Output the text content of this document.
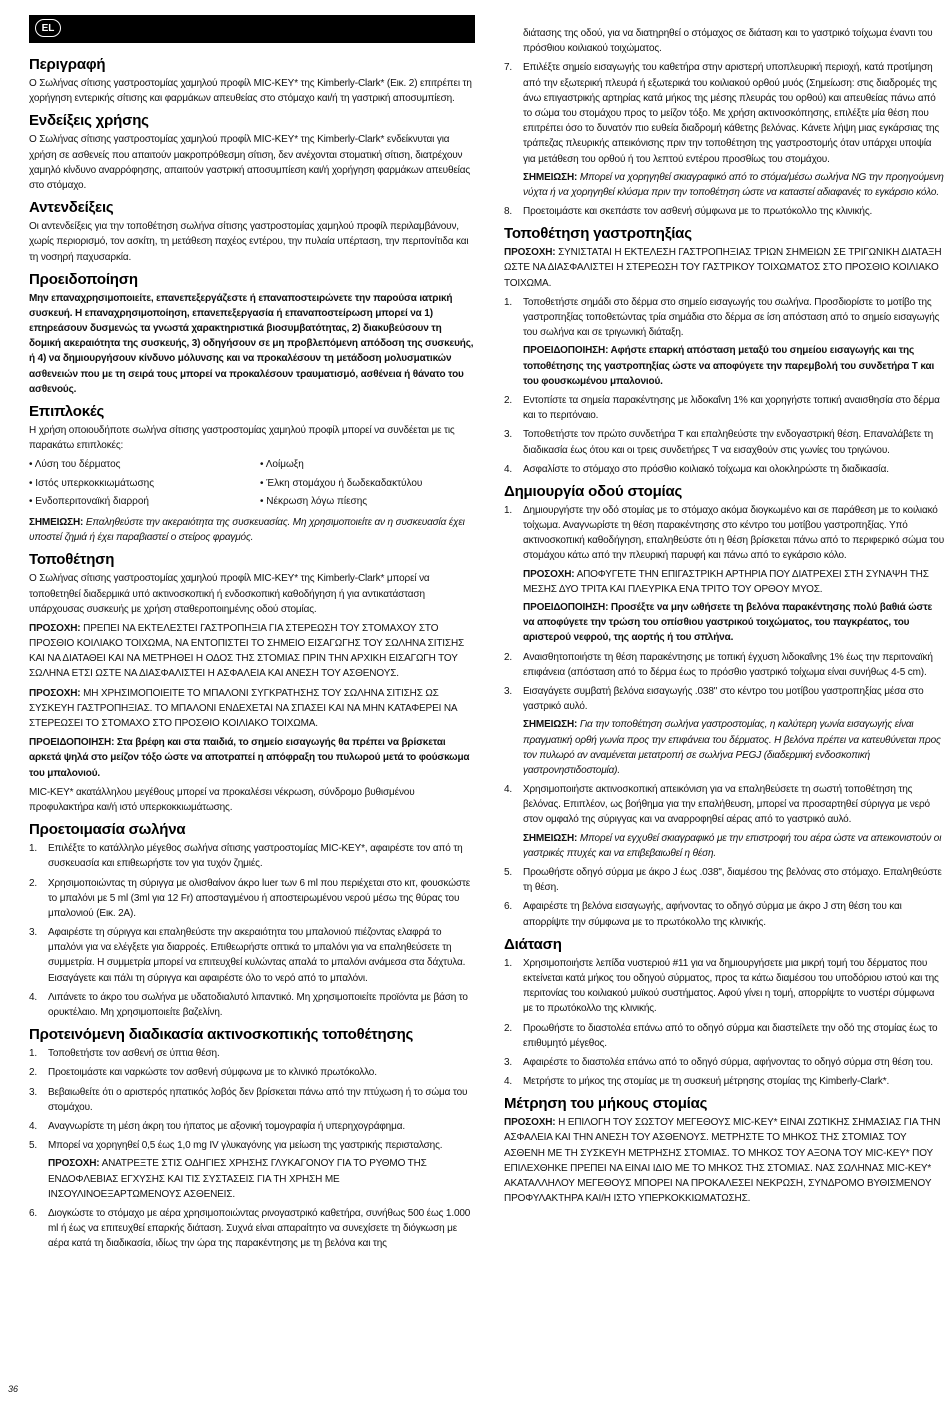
EL
Περιγραφή

Ο Σωλήνας σίτισης γαστροστομίας χαμηλού προφίλ MIC-KEY* της Kimberly-Clark* (Εικ. 2) επιτρέπει τη χορήγηση εντερικής σίτισης και φαρμάκων απευθείας στο στόμαχο και/ή τη γαστρική αποσυμπίεση.

Ενδείξεις χρήσης

Ο Σωλήνας σίτισης γαστροστομίας χαμηλού προφίλ MIC-KEY* της Kimberly-Clark* ενδείκνυται για χρήση σε ασθενείς που απαιτούν μακροπρόθεσμη σίτιση, δεν ανέχονται στοματική σίτιση, διατρέχουν χαμηλό κίνδυνο αναρρόφησης, απαιτούν γαστρική αποσυμπίεση και/ή χορήγηση φαρμάκων απευθείας στο στόμαχο.

Αντενδείξεις

Οι αντενδείξεις για την τοποθέτηση σωλήνα σίτισης γαστροστομίας χαμηλού προφίλ περιλαμβάνουν, χωρίς περιορισμό, τον ασκίτη, τη μετάθεση παχέος εντέρου, την πυλαία υπέρταση, την περιτονίτιδα και τη νοσηρή παχυσαρκία.

Προειδοποίηση

Μην επαναχρησιμοποιείτε, επανεπεξεργάζεστε ή επαναποστειρώνετε την παρούσα ιατρική συσκευή. Η επαναχρησιμοποίηση, επανεπεξεργασία ή επαναποστείρωση μπορεί να 1) επηρεάσουν δυσμενώς τα γνωστά χαρακτηριστικά βιοσυμβατότητας, 2) διακυβεύσουν τη δομική ακεραιότητα της συσκευής, 3) οδηγήσουν σε μη προβλεπόμενη απόδοση της συσκευής, ή 4) να δημιουργήσουν κίνδυνο μόλυνσης και να προκαλέσουν τη μετάδοση μολυσματικών ασθενειών που με τη σειρά τους μπορεί να προκαλέσουν τραυματισμό, ασθένεια ή θάνατο του ασθενούς.

Επιπλοκές

Η χρήση οποιουδήποτε σωλήνα σίτισης γαστροστομίας χαμηλού προφίλ μπορεί να συνδέεται με τις παρακάτω επιπλοκές:

• Λύση του δέρματος	• Λοίμωξη
• Ιστός υπερκοκκιωμάτωσης	• Έλκη στομάχου ή δωδεκαδακτύλου
• Ενδοπεριτοναϊκή διαρροή	• Νέκρωση λόγω πίεσης

ΣΗΜΕΙΩΣΗ: Επαληθεύστε την ακεραιότητα της συσκευασίας. Μη χρησιμοποιείτε αν η συσκευασία έχει υποστεί ζημιά ή έχει παραβιαστεί ο στείρος φραγμός.

Τοποθέτηση

Ο Σωλήνας σίτισης γαστροστομίας χαμηλού προφίλ MIC-KEY* της Kimberly-Clark* μπορεί να τοποθετηθεί διαδερμικά υπό ακτινοσκοπική ή ενδοσκοπική καθοδήγηση ή για αντικατάσταση υπάρχουσας συσκευής με χρήση σταθεροποιημένης οδού στομίας.

ΠΡΟΣΟΧΗ: ΠΡΕΠΕΙ ΝΑ ΕΚΤΕΛΕΣΤΕΙ ΓΑΣΤΡΟΠΗΞΙΑ ΓΙΑ ΣΤΕΡΕΩΣΗ ΤΟΥ ΣΤΟΜΑΧΟΥ ΣΤΟ ΠΡΟΣΘΙΟ ΚΟΙΛΙΑΚΟ ΤΟΙΧΩΜΑ, ΝΑ ΕΝΤΟΠΙΣΤΕΙ ΤΟ ΣΗΜΕΙΟ ΕΙΣΑΓΩΓΗΣ ΤΟΥ ΣΩΛΗΝΑ ΣΙΤΙΣΗΣ ΚΑΙ ΝΑ ΔΙΑΤΑΘΕΙ ΚΑΙ ΝΑ ΜΕΤΡΗΘΕΙ Η ΟΔΟΣ ΤΗΣ ΣΤΟΜΙΑΣ ΠΡΙΝ ΤΗΝ ΑΡΧΙΚΗ ΕΙΣΑΓΩΓΗ ΤΟΥ ΣΩΛΗΝΑ ΕΤΣΙ ΩΣΤΕ ΝΑ ΔΙΑΣΦΑΛΙΣΤΕΙ Η ΑΣΦΑΛΕΙΑ ΚΑΙ ΑΝΕΣΗ ΤΟΥ ΑΣΘΕΝΟΥΣ.

ΠΡΟΣΟΧΗ: ΜΗ ΧΡΗΣΙΜΟΠΟΙΕΙΤΕ ΤΟ ΜΠΑΛΟΝΙ ΣΥΓΚΡΑΤΗΣΗΣ ΤΟΥ ΣΩΛΗΝΑ ΣΙΤΙΣΗΣ ΩΣ ΣΥΣΚΕΥΗ ΓΑΣΤΡΟΠΗΞΙΑΣ. ΤΟ ΜΠΑΛΟΝΙ ΕΝΔΕΧΕΤΑΙ ΝΑ ΣΠΑΣΕΙ ΚΑΙ ΝΑ ΜΗΝ ΚΑΤΑΦΕΡΕΙ ΝΑ ΣΤΕΡΕΩΣΕΙ ΤΟ ΣΤΟΜΑΧΟ ΣΤΟ ΠΡΟΣΘΙΟ ΚΟΙΛΙΑΚΟ ΤΟΙΧΩΜΑ.

ΠΡΟΕΙΔΟΠΟΙΗΣΗ: Στα βρέφη και στα παιδιά, το σημείο εισαγωγής θα πρέπει να βρίσκεται αρκετά ψηλά στο μείζον τόξο ώστε να αποτραπεί η απόφραξη του πυλωρού μετά το φούσκωμα του μπαλονιού.

MIC-KEY* ακατάλληλου μεγέθους μπορεί να προκαλέσει νέκρωση, σύνδρομο βυθισμένου προφυλακτήρα και/ή ιστό υπερκοκκιωμάτωσης.

Προετοιμασία σωλήνα
1. Επιλέξτε το κατάλληλο μέγεθος σωλήνα σίτισης γαστροστομίας MIC-KEY*, αφαιρέστε τον από τη συσκευασία και επιθεωρήστε τον για τυχόν ζημιές.
2. Χρησιμοποιώντας τη σύριγγα με ολισθαίνον άκρο luer των 6 ml που περιέχεται στο κιτ, φουσκώστε το μπαλόνι με 5 ml (3ml για 12 Fr) αποσταγμένου ή αποστειρωμένου νερού μέσω της θύρας του μπαλονιού (Εικ. 2Α).
3. Αφαιρέστε τη σύριγγα και επαληθεύστε την ακεραιότητα του μπαλονιού πιέζοντας ελαφρά το μπαλόνι για να ελέγξετε για διαρροές. Επιθεωρήστε οπτικά το μπαλόνι για να επαληθεύσετε τη συμμετρία. Η συμμετρία μπορεί να επιτευχθεί κυλώντας απαλά το μπαλόνι ανάμεσα στα δάχτυλα. Εισαγάγετε και πάλι τη σύριγγα και αφαιρέστε όλο το νερό από το μπαλόνι.
4. Λιπάνετε το άκρο του σωλήνα με υδατοδιαλυτό λιπαντικό. Μη χρησιμοποιείτε προϊόντα με βάση το ορυκτέλαιο. Μη χρησιμοποιείτε βαζελίνη.
Προτεινόμενη διαδικασία ακτινοσκοπικής τοποθέτησης
1. Τοποθετήστε τον ασθενή σε ύπτια θέση.
2. Προετοιμάστε και ναρκώστε τον ασθενή σύμφωνα με το κλινικό πρωτόκολλο.
3. Βεβαιωθείτε ότι ο αριστερός ηπατικός λοβός δεν βρίσκεται πάνω από την πτύχωση ή το σώμα του στομάχου.
4. Αναγνωρίστε τη μέση άκρη του ήπατος με αξονική τομογραφία ή υπερηχογράφημα.
5. Μπορεί να χορηγηθεί 0,5 έως 1,0 mg IV γλυκαγόνης για μείωση της γαστρικής περισταλσης.
ΠΡΟΣΟΧΗ: ΑΝΑΤΡΕΞΤΕ ΣΤΙΣ ΟΔΗΓΙΕΣ ΧΡΗΣΗΣ ΓΛΥΚΑΓΟΝΟΥ ΓΙΑ ΤΟ ΡΥΘΜΟ ΤΗΣ ΕΝΔΟΦΛΕΒΙΑΣ ΕΓΧΥΣΗΣ ΚΑΙ ΤΙΣ ΣΥΣΤΑΣΕΙΣ ΓΙΑ ΤΗ ΧΡΗΣΗ ΜΕ ΙΝΣΟΥΛΙΝΟΕΞΑΡΤΩΜΕΝΟΥΣ ΑΣΘΕΝΕΙΣ.
6. Διογκώστε το στόμαχο με αέρα χρησιμοποιώντας ρινογαστρικό καθετήρα, συνήθως 500 έως 1.000 ml ή έως να επιτευχθεί επαρκής διάταση. Συχνά είναι απαραίτητο να συνεχίσετε τη διόγκωση με αέρα κατά τη διαδικασία, ιδίως την ώρα της παρακέντησης με τη βελόνα και της
διάτασης της οδού, για να διατηρηθεί ο στόμαχος σε διάταση και το γαστρικό τοίχωμα έναντι του πρόσθιου κοιλιακού τοιχώματος.
7. Επιλέξτε σημείο εισαγωγής του καθετήρα στην αριστερή υποπλευρική περιοχή, κατά προτίμηση από την εξωτερική πλευρά ή εξωτερικά του κοιλιακού ορθού μυός (Σημείωση: στις διαδρομές της άνω επιγαστρικής αρτηρίας κατά μήκος της μέσης πλευράς του ορθού) και απευθείας πάνω από το σώμα του στομάχου προς το μείζον τόξο. Με χρήση ακτινοσκόπησης, επιλέξτε μία θέση που επιτρέπει όσο το δυνατόν πιο ευθεία διαδρομή κάθετης βελόνας. Κάνετε λήψη μιας εγκάρσιας της τράπεζας πλευρικής απεικόνισης πριν την τοποθέτηση της γαστροστομής όταν υπάρχει υποψία για μετάθεση του ορθού ή του λεπτού εντέρου προσθίως του στομάχου.
ΣΗΜΕΙΩΣΗ: Μπορεί να χορηγηθεί σκιαγραφικό από το στόμα/μέσω σωλήνα NG την προηγούμενη νύχτα ή να χορηγηθεί κλύσμα πριν την τοποθέτηση ώστε να καταστεί αδιαφανές το εγκάρσιο κόλο.
8. Προετοιμάστε και σκεπάστε τον ασθενή σύμφωνα με το πρωτόκολλο της κλινικής.
Τοποθέτηση γαστροπηξίας

ΠΡΟΣΟΧΗ: ΣΥΝΙΣΤΑΤΑΙ Η ΕΚΤΕΛΕΣΗ ΓΑΣΤΡΟΠΗΞΙΑΣ ΤΡΙΩΝ ΣΗΜΕΙΩΝ ΣΕ ΤΡΙΓΩΝΙΚΗ ΔΙΑΤΑΞΗ ΩΣΤΕ ΝΑ ΔΙΑΣΦΑΛΙΣΤΕΙ Η ΣΤΕΡΕΩΣΗ ΤΟΥ ΓΑΣΤΡΙΚΟΥ ΤΟΙΧΩΜΑΤΟΣ ΣΤΟ ΠΡΟΣΘΙΟ ΚΟΙΛΙΑΚΟ ΤΟΙΧΩΜΑ.

1. Τοποθετήστε σημάδι στο δέρμα στο σημείο εισαγωγής του σωλήνα. Προσδιορίστε το μοτίβο της γαστροπηξίας τοποθετώντας τρία σημάδια στο δέρμα σε ίση απόσταση από το σημείο εισαγωγής του σωλήνα και σε τριγωνική διάταξη.
ΠΡΟΕΙΔΟΠΟΙΗΣΗ: Αφήστε επαρκή απόσταση μεταξύ του σημείου εισαγωγής και της τοποθέτησης της γαστροπηξίας ώστε να αποφύγετε την παρεμβολή του συνδετήρα Τ και του φουσκωμένου μπαλονιού.
2. Εντοπίστε τα σημεία παρακέντησης με λιδοκαΐνη 1% και χορηγήστε τοπική αναισθησία στο δέρμα και το περιτόναιο.
3. Τοποθετήστε τον πρώτο συνδετήρα Τ και επαληθεύστε την ενδογαστρική θέση. Επαναλάβετε τη διαδικασία έως ότου και οι τρεις συνδετήρες Τ να εισαχθούν στις γωνίες του τριγώνου.
4. Ασφαλίστε το στόμαχο στο πρόσθιο κοιλιακό τοίχωμα και ολοκληρώστε τη διαδικασία.
Δημιουργία οδού στομίας
1. Δημιουργήστε την οδό στομίας με το στόμαχο ακόμα διογκωμένο και σε παράθεση με το κοιλιακό τοίχωμα. Αναγνωρίστε τη θέση παρακέντησης στο κέντρο του μοτίβου γαστροπηξίας. Υπό ακτινοσκοπική καθοδήγηση, επαληθεύστε ότι η θέση βρίσκεται πάνω από το περιφερικό σώμα του στομάχου κάτω από την πλευρική παρυφή και πάνω από το εγκάρσιο κόλο.
ΠΡΟΣΟΧΗ: ΑΠΟΦΥΓΕΤΕ ΤΗΝ ΕΠΙΓΑΣΤΡΙΚΗ ΑΡΤΗΡΙΑ ΠΟΥ ΔΙΑΤΡΕΧΕΙ ΣΤΗ ΣΥΝΑΨΗ ΤΗΣ ΜΕΣΗΣ ΔΥΟ ΤΡΙΤΑ ΚΑΙ ΠΛΕΥΡΙΚΑ ΕΝΑ ΤΡΙΤΟ ΤΟΥ ΟΡΘΟΥ ΜΥΟΣ.
ΠΡΟΕΙΔΟΠΟΙΗΣΗ: Προσέξτε να μην ωθήσετε τη βελόνα παρακέντησης πολύ βαθιά ώστε να αποφύγετε την τρώση του οπίσθιου γαστρικού τοιχώματος, του παγκρέατος, του αριστερού νεφρού, της αορτής ή του σπλήνα.
2. Αναισθητοποιήστε τη θέση παρακέντησης με τοπική έγχυση λιδοκαΐνης 1% έως την περιτοναϊκή επιφάνεια (απόσταση από το δέρμα έως το πρόσθιο γαστρικό τοίχωμα είναι συνήθως 4-5 cm).
3. Εισαγάγετε συμβατή βελόνα εισαγωγής .038" στο κέντρο του μοτίβου γαστροπηξίας μέσα στο γαστρικό αυλό.
ΣΗΜΕΙΩΣΗ: Για την τοποθέτηση σωλήνα γαστροστομίας, η καλύτερη γωνία εισαγωγής είναι πραγματική ορθή γωνία προς την επιφάνεια του δέρματος. Η βελόνα πρέπει να κατευθύνεται προς τον πυλωρό αν αναμένεται μετατροπή σε σωλήνα PEGJ (διαδερμική ενδοσκοπική γαστρονηστιδοστομία).
4. Χρησιμοποιήστε ακτινοσκοπική απεικόνιση για να επαληθεύσετε τη σωστή τοποθέτηση της βελόνας. Επιπλέον, ως βοήθημα για την επαλήθευση, μπορεί να προσαρτηθεί σύριγγα με νερό στον ομφαλό της σύριγγας και να αναρροφηθεί αέρας από το γαστρικό αυλό.
ΣΗΜΕΙΩΣΗ: Μπορεί να εγχυθεί σκιαγραφικό με την επιστροφή του αέρα ώστε να απεικονιστούν οι γαστρικές πτυχές και να επιβεβαιωθεί η θέση.
5. Προωθήστε οδηγό σύρμα με άκρο J έως .038", διαμέσου της βελόνας στο στόμαχο. Επαληθεύστε τη θέση.
6. Αφαιρέστε τη βελόνα εισαγωγής, αφήνοντας το οδηγό σύρμα με άκρο J στη θέση του και απορρίψτε την σύμφωνα με το πρωτόκολλο της κλινικής.
Διάταση
1. Χρησιμοποιήστε λεπίδα νυστεριού #11 για να δημιουργήσετε μια μικρή τομή του δέρματος που εκτείνεται κατά μήκος του οδηγού σύρματος, προς τα κάτω διαμέσου του υποδόριου ιστού και της περιτονίας του κοιλιακού μυϊκού συστήματος. Αφού γίνει η τομή, απορρίψτε το νυστέρι σύμφωνα με το πρωτόκολλο της κλινικής.
2. Προωθήστε το διαστολέα επάνω από το οδηγό σύρμα και διαστείλετε την οδό της στομίας έως το επιθυμητό μέγεθος.
3. Αφαιρέστε το διαστολέα επάνω από το οδηγό σύρμα, αφήνοντας το οδηγό σύρμα στη θέση του.
4. Μετρήστε το μήκος της στομίας με τη συσκευή μέτρησης στομίας της Kimberly-Clark*.
Μέτρηση του μήκους στομίας

ΠΡΟΣΟΧΗ: Η ΕΠΙΛΟΓΗ ΤΟΥ ΣΩΣΤΟΥ ΜΕΓΕΘΟΥΣ MIC-KEY* ΕΙΝΑΙ ΖΩΤΙΚΗΣ ΣΗΜΑΣΙΑΣ ΓΙΑ ΤΗΝ ΑΣΦΑΛΕΙΑ ΚΑΙ ΤΗΝ ΑΝΕΣΗ ΤΟΥ ΑΣΘΕΝΟΥΣ. ΜΕΤΡΗΣΤΕ ΤΟ ΜΗΚΟΣ ΤΗΣ ΣΤΟΜΙΑΣ ΤΟΥ ΑΣΘΕΝΗ ΜΕ ΤΗ ΣΥΣΚΕΥΗ ΜΕΤΡΗΣΗΣ ΣΤΟΜΙΑΣ. ΤΟ ΜΗΚΟΣ ΤΟΥ ΑΞΟΝΑ ΤΟΥ MIC-KEY* ΠΟΥ ΕΠΙΛΕΧΘΗΚΕ ΠΡΕΠΕΙ ΝΑ ΕΙΝΑΙ ΙΔΙΟ ΜΕ ΤΟ ΜΗΚΟΣ ΤΗΣ ΣΤΟΜΙΑΣ. ΝΑΣ ΣΩΛΗΝΑΣ MIC-KEY* ΑΚΑΤΑΛΛΗΛΟΥ ΜΕΓΕΘΟΥΣ ΜΠΟΡΕΙ ΝΑ ΠΡΟΚΑΛΕΣΕΙ ΝΕΚΡΩΣΗ, ΣΥΝΔΡΟΜΟ ΒΥΘΙΣΜΕΝΟΥ ΠΡΟΦΥΛΑΚΤΗΡΑ ΚΑΙ/Η ΙΣΤΟ ΥΠΕΡΚΟΚΚΙΩΜΑΤΩΣΗΣ.

36
